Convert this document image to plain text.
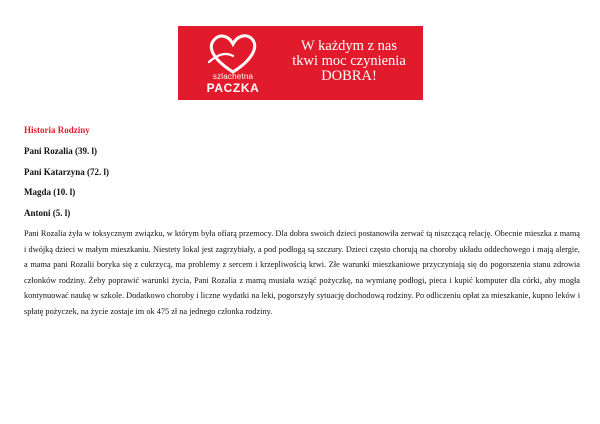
szlachetna
PACZKA
W każdym z nas
tkwi moc czynienia
DOBRA!
Historia Rodziny
Pani Rozalia (39. l)
Pani Katarzyna (72. l)
Magda (10. l)
Antoni (5. l)

Pani Rozalia żyła w toksycznym związku, w którym była ofiarą przemocy. Dla dobra swoich dzieci postanowiła zerwać tą niszczącą relację. Obecnie mieszka z mamą i dwójką dzieci w małym mieszkaniu. Niestety lokal jest zagrzybiały, a pod podłogą są szczury. Dzieci często chorują na choroby układu oddechowego i mają alergie, a mama pani Rozalii boryka się z cukrzycą, ma problemy z sercem i krzepliwością krwi. Złe warunki mieszkaniowe przyczyniają się do pogorszenia stanu zdrowia członków rodziny. Żeby poprawić warunki życia, Pani Rozalia z mamą musiała wziąć pożyczkę, na wymianę podłogi, pieca i kupić komputer dla córki, aby mogła kontynuować naukę w szkole. Dodatkowo choroby i liczne wydatki na leki, pogorszyły sytuację dochodową rodziny. Po odliczeniu opłat za mieszkanie, kupno leków i spłatę pożyczek, na życie zostaje im ok 475 zł na jednego członka rodziny.
